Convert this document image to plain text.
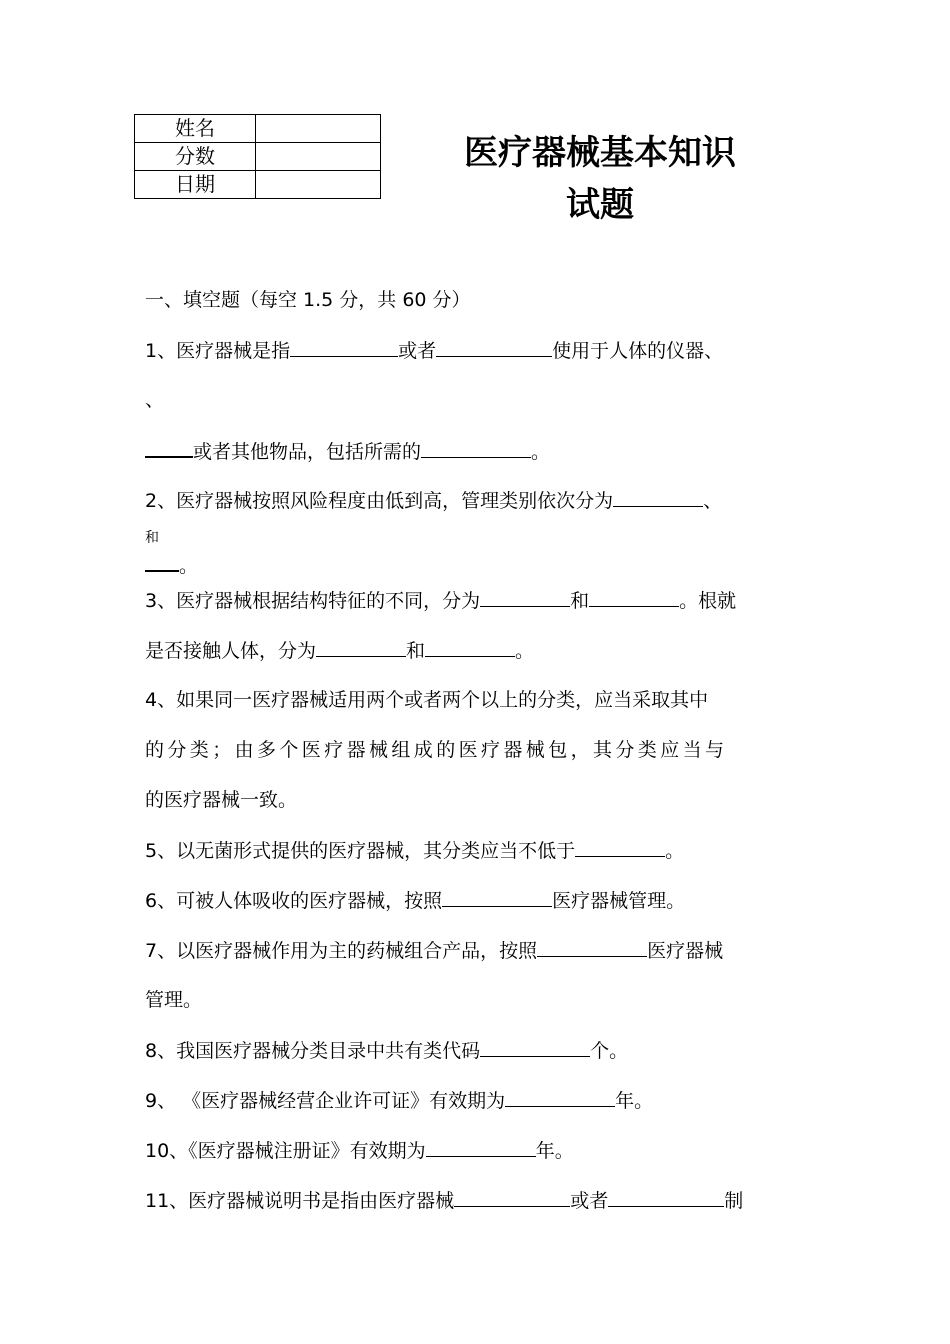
姓名	
分数	
日期	
医疗器械基本知识
试题
一、填空题（每空 1.5 分，共 60 分）
1、医疗器械是指	或者	使用于人体的仪器、
、
或者其他物品，包括所需的	。
2、医疗器械按照风险程度由低到高，管理类别依次分为	、
和
。
3、医疗器械根据结构特征的不同，分为	和	。根就
是否接触人体，分为	和	。
4、如果同一医疗器械适用两个或者两个以上的分类，应当采取其中
的分类；由多个医疗器械组成的医疗器械包，其分类应当与
的医疗器械一致。
5、以无菌形式提供的医疗器械，其分类应当不低于	。
6、可被人体吸收的医疗器械，按照	医疗器械管理。
7、以医疗器械作用为主的药械组合产品，按照	医疗器械
管理。
8、我国医疗器械分类目录中共有类代码	个。
9、 《医疗器械经营企业许可证》有效期为	年。
10、《医疗器械注册证》有效期为	年。
11、医疗器械说明书是指由医疗器械	或者	制
